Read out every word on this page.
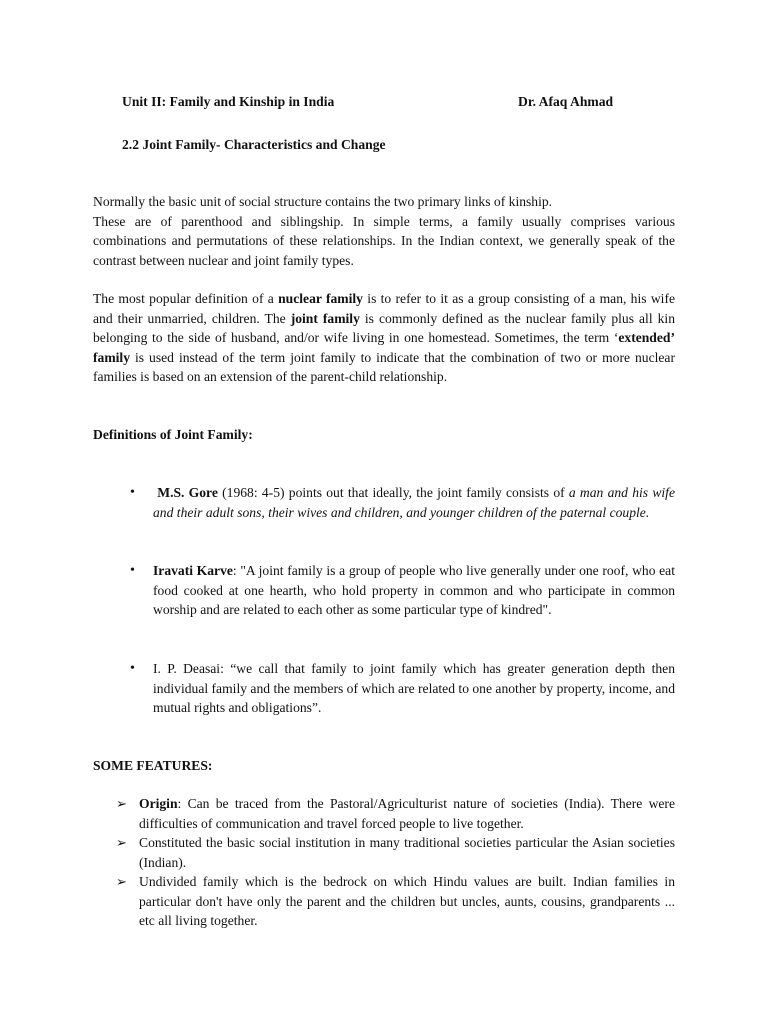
Unit II: Family and Kinship in India	Dr. Afaq Ahmad
2.2 Joint Family- Characteristics and Change
Normally the basic unit of social structure contains the two primary links of kinship.
These are of parenthood and siblingship. In simple terms, a family usually comprises various combinations and permutations of these relationships. In the Indian context, we generally speak of the contrast between nuclear and joint family types.
The most popular definition of a nuclear family is to refer to it as a group consisting of a man, his wife and their unmarried, children. The joint family is commonly defined as the nuclear family plus all kin belonging to the side of husband, and/or wife living in one homestead. Sometimes, the term ‘extended’ family is used instead of the term joint family to indicate that the combination of two or more nuclear families is based on an extension of the parent-child relationship.
Definitions of Joint Family:
•	M.S. Gore (1968: 4-5) points out that ideally, the joint family consists of a man and his wife and their adult sons, their wives and children, and younger children of the paternal couple.
• Iravati Karve: "A joint family is a group of people who live generally under one roof, who eat food cooked at one hearth, who hold property in common and who participate in common worship and are related to each other as some particular type of kindred".
• I. P. Deasai: “we call that family to joint family which has greater generation depth then individual family and the members of which are related to one another by property, income, and mutual rights and obligations”.
SOME FEATURES:
➢ Origin: Can be traced from the Pastoral/Agriculturist nature of societies (India). There were difficulties of communication and travel forced people to live together.
➢ Constituted the basic social institution in many traditional societies particular the Asian societies (Indian).
➢ Undivided family which is the bedrock on which Hindu values are built. Indian families in particular don't have only the parent and the children but uncles, aunts, cousins, grandparents ... etc all living together.
